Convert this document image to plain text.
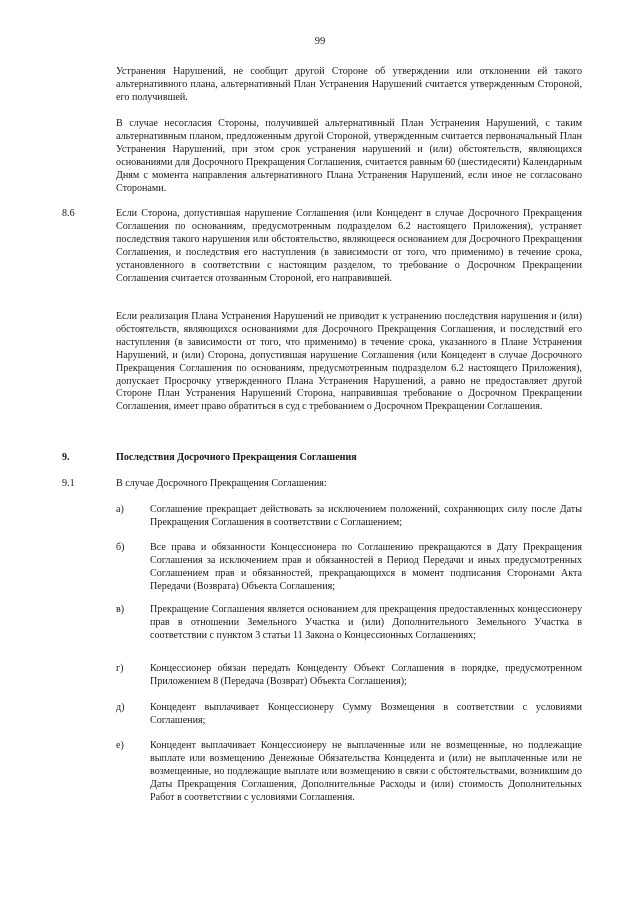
99

Устранения Нарушений, не сообщит другой Стороне об утверждении или отклонении ей такого альтернативного плана, альтернативный План Устранения Нарушений считается утвержденным Стороной, его получившей.

В случае несогласия Стороны, получившей альтернативный План Устранения Нарушений, с таким альтернативным планом, предложенным другой Стороной, утвержденным считается первоначальный План Устранения Нарушений, при этом срок устранения нарушений и (или) обстоятельств, являющихся основаниями для Досрочного Прекращения Соглашения, считается равным 60 (шестидесяти) Календарным Дням с момента направления альтернативного Плана Устранения Нарушений, если иное не согласовано Сторонами.

8.6	Если Сторона, допустившая нарушение Соглашения (или Концедент в случае Досрочного Прекращения Соглашения по основаниям, предусмотренным подразделом 6.2 настоящего Приложения), устраняет последствия такого нарушения или обстоятельство, являющееся основанием для Досрочного Прекращения Соглашения, и последствия его наступления (в зависимости от того, что применимо) в течение срока, установленного в соответствии с настоящим разделом, то требование о Досрочном Прекращении Соглашения считается отозванным Стороной, его направившей.

Если реализация Плана Устранения Нарушений не приводит к устранению последствия нарушения и (или) обстоятельств, являющихся основаниями для Досрочного Прекращения Соглашения, и последствий его наступления (в зависимости от того, что применимо) в течение срока, указанного в Плане Устранения Нарушений, и (или) Сторона, допустившая нарушение Соглашения (или Концедент в случае Досрочного Прекращения Соглашения по основаниям, предусмотренным подразделом 6.2 настоящего Приложения), допускает Просрочку утвержденного Плана Устранения Нарушений, а равно не предоставляет другой Стороне План Устранения Нарушений Сторона, направившая требование о Досрочном Прекращении Соглашения, имеет право обратиться в суд с требованием о Досрочном Прекращении Соглашения.

9.	Последствия Досрочного Прекращения Соглашения

9.1	В случае Досрочного Прекращения Соглашения:

а)	Соглашение прекращает действовать за исключением положений, сохраняющих силу после Даты Прекращения Соглашения в соответствии с Соглашением;

б)	Все права и обязанности Концессионера по Соглашению прекращаются в Дату Прекращения Соглашения за исключением прав и обязанностей в Период Передачи и иных предусмотренных Соглашением прав и обязанностей, прекращающихся в момент подписания Сторонами Акта Передачи (Возврата) Объекта Соглашения;

в)	Прекращение Соглашения является основанием для прекращения предоставленных концессионеру прав в отношении Земельного Участка и (или) Дополнительного Земельного Участка в соответствии с пунктом 3 статьи 11 Закона о Концессионных Соглашениях;

г)	Концессионер обязан передать Концеденту Объект Соглашения в порядке, предусмотренном Приложением 8 (Передача (Возврат) Объекта Соглашения);

д)	Концедент выплачивает Концессионеру Сумму Возмещения в соответствии с условиями Соглашения;

е)	Концедент выплачивает Концессионеру не выплаченные или не возмещенные, но подлежащие выплате или возмещению Денежные Обязательства Концедента и (или) не выплаченные или не возмещенные, но подлежащие выплате или возмещению в связи с обстоятельствами, возникшим до Даты Прекращения Соглашения, Дополнительные Расходы и (или) стоимость Дополнительных Работ в соответствии с условиями Соглашения.
